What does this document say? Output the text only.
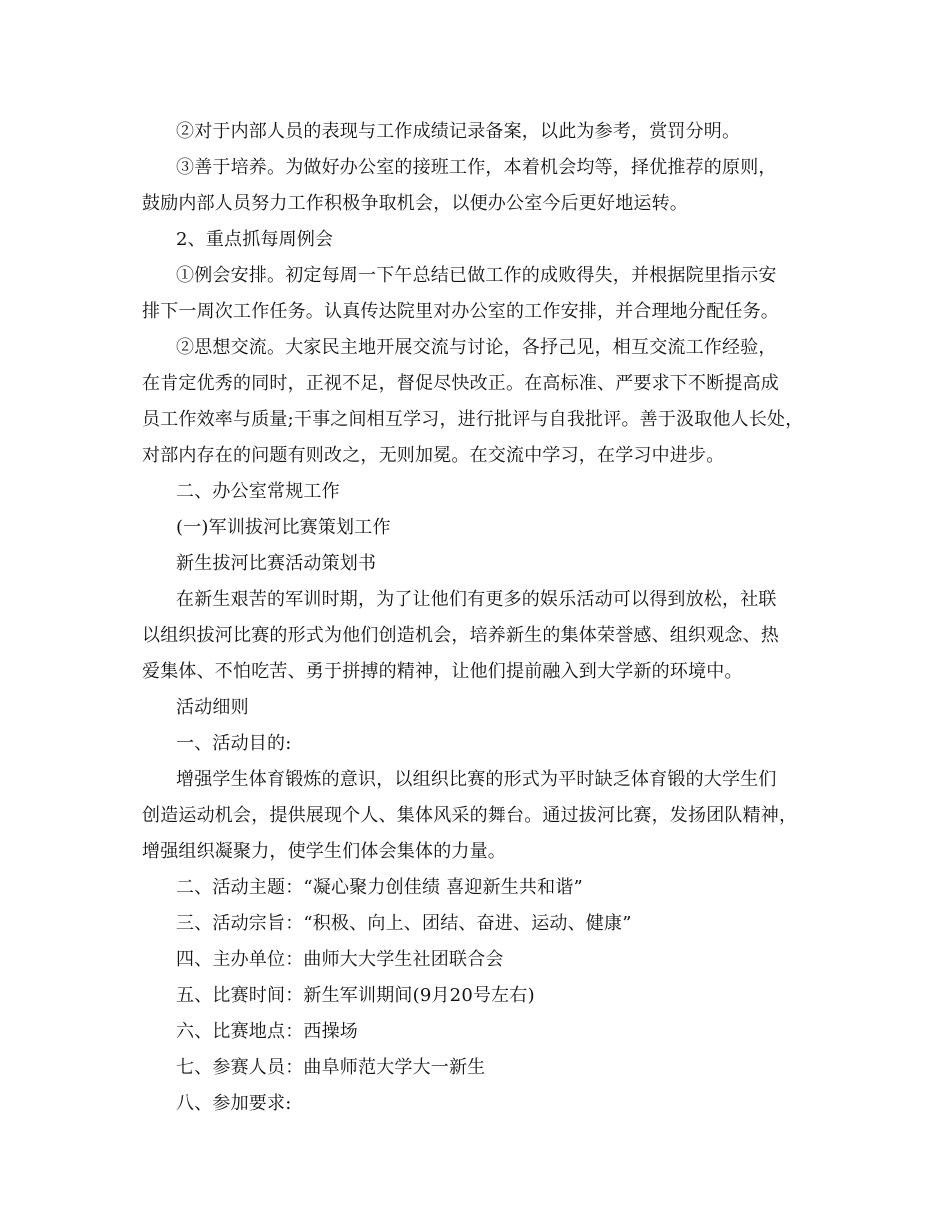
②对于内部人员的表现与工作成绩记录备案，以此为参考，赏罚分明。
③善于培养。为做好办公室的接班工作，本着机会均等，择优推荐的原则，
鼓励内部人员努力工作积极争取机会，以便办公室今后更好地运转。
2、重点抓每周例会
①例会安排。初定每周一下午总结已做工作的成败得失，并根据院里指示安
排下一周次工作任务。认真传达院里对办公室的工作安排，并合理地分配任务。
②思想交流。大家民主地开展交流与讨论，各抒己见，相互交流工作经验，
在肯定优秀的同时，正视不足，督促尽快改正。在高标准、严要求下不断提高成
员工作效率与质量;干事之间相互学习，进行批评与自我批评。善于汲取他人长处，
对部内存在的问题有则改之，无则加冕。在交流中学习，在学习中进步。
二、办公室常规工作
(一)军训拔河比赛策划工作
新生拔河比赛活动策划书
在新生艰苦的军训时期，为了让他们有更多的娱乐活动可以得到放松，社联
以组织拔河比赛的形式为他们创造机会，培养新生的集体荣誉感、组织观念、热
爱集体、不怕吃苦、勇于拼搏的精神，让他们提前融入到大学新的环境中。
活动细则
一、活动目的:
增强学生体育锻炼的意识，以组织比赛的形式为平时缺乏体育锻的大学生们
创造运动机会，提供展现个人、集体风采的舞台。通过拔河比赛，发扬团队精神，
增强组织凝聚力，使学生们体会集体的力量。
二、活动主题：“凝心聚力创佳绩 喜迎新生共和谐”
三、活动宗旨：“积极、向上、团结、奋进、运动、健康”
四、主办单位：曲师大大学生社团联合会
五、比赛时间：新生军训期间(9月20号左右)
六、比赛地点：西操场
七、参赛人员：曲阜师范大学大一新生
八、参加要求:
